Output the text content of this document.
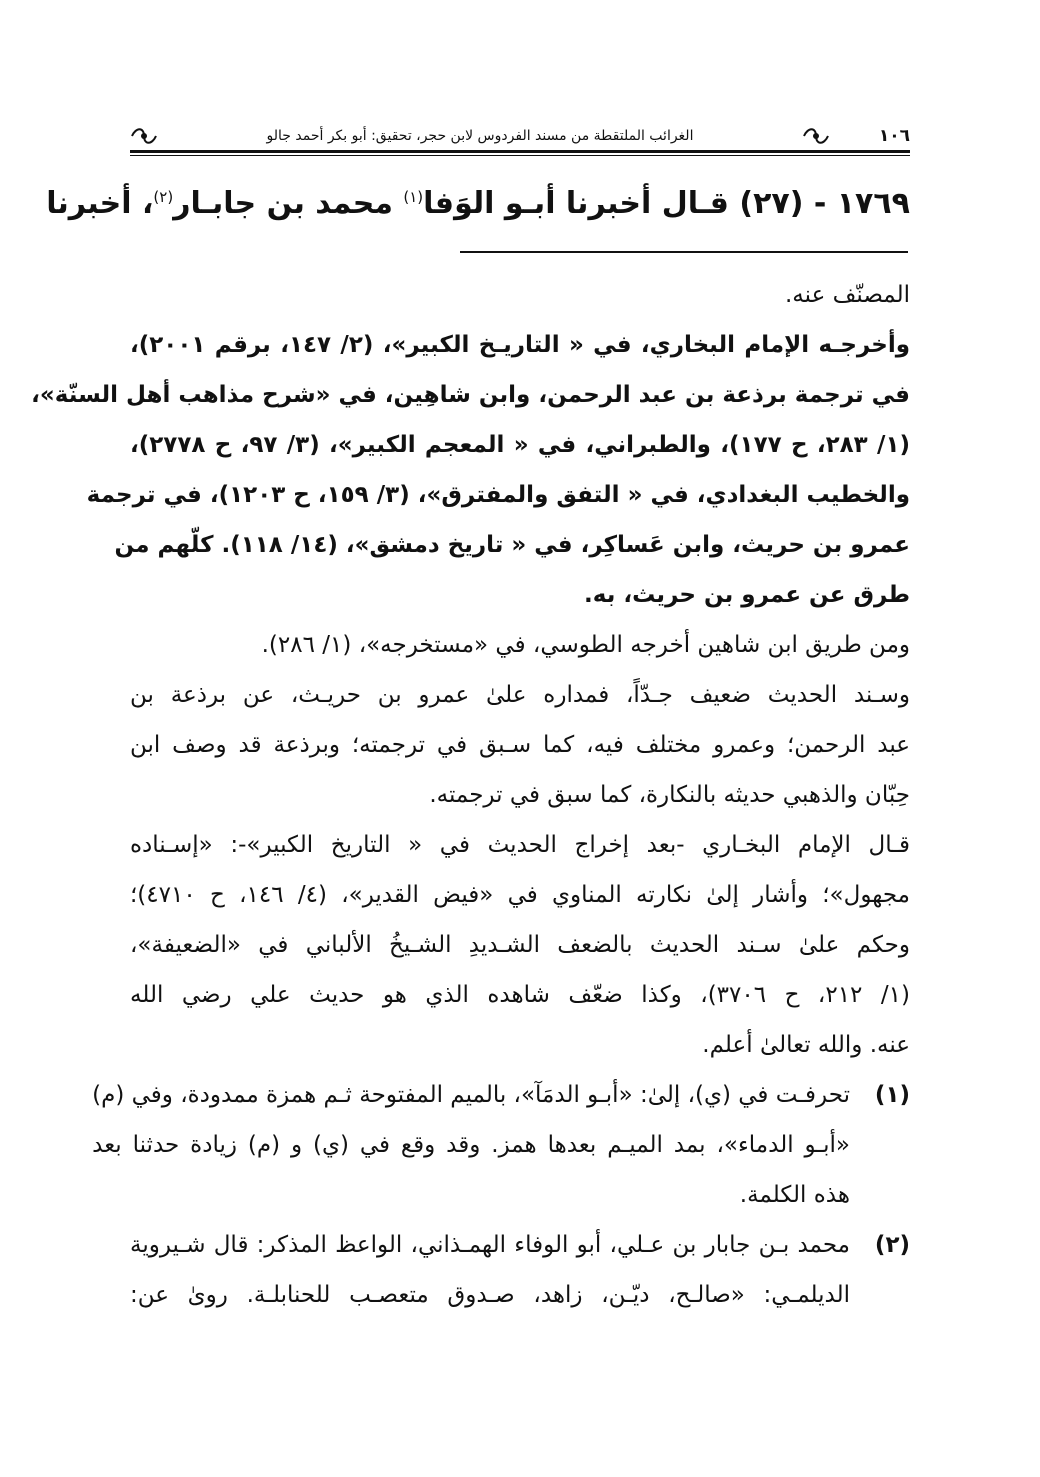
١٠٦
الغرائب الملتقطة من مسند الفردوس لابن حجر، تحقيق: أبو بكر أحمد جالو
١٧٦٩ - (٢٧) قـال أخبرنا أبـو الوَفا$^{(١)}$ محمد بن جابـار$^{(٢)}$، أخبرنا
المصنّف عنه.
وأخرجـه الإمام البخاري، في « التاريـخ الكبير»، (٢/ ١٤٧، برقم ٢٠٠١)،
في ترجمة برذعة بن عبد الرحمن، وابن شاهِين، في «شرح مذاهب أهل السنّة»،
(١/ ٢٨٣، ح ١٧٧)، والطبراني، في « المعجم الكبير»، (٣/ ٩٧، ح ٢٧٧٨)،
والخطيب البغدادي، في « التفق والمفترق»، (٣/ ١٥٩، ح ١٢٠٣)، في ترجمة
عمرو بن حريث، وابن عَساكِر، في « تاريخ دمشق»، (١٤/ ١١٨). كلّهم من
طرق عن عمرو بن حريث، به.
ومن طريق ابن شاهين أخرجه الطوسي، في «مستخرجه»، (١/ ٢٨٦).
وسـند الحديث ضعيف جـدّاً، فمداره علىٰ عمرو بن حريـث، عن برذعة بن
عبد الرحمن؛ وعمرو مختلف فيه، كما سـبق في ترجمته؛ وبرذعة قد وصف ابن
حِبّان والذهبي حديثه بالنكارة، كما سبق في ترجمته.
قـال الإمام البخـاري -بعد إخراج الحديث في « التاريخ الكبير»-: «إسـناده
مجهول»؛ وأشار إلىٰ نكارته المناوي في «فيض القدير»، (٤/ ١٤٦، ح ٤٧١٠)؛
وحكم علىٰ سـند الحديث بالضعف الشـديدِ الشـيخُ الألباني في «الضعيفة»،
(١/ ٢١٢، ح ٣٧٠٦)، وكذا ضعّف شاهده الذي هو حديث علي رضي الله
عنه. والله تعالىٰ أعلم.
(١)
تحرفـت في (ي)، إلىٰ: «أبـو الدمَآ»، بالميم المفتوحة ثـم همزة ممدودة، وفي (م)
«أبـو الدماء»، بمد الميـم بعدها همز. وقد وقع في (ي) و (م) زيادة حدثنا بعد
هذه الكلمة.
(٢)
محمد بـن جابار بن عـلي، أبو الوفاء الهمـذاني، الواعظ المذكر: قال شـيروية
الديلمـي: «صالـح، ديّـن، زاهد، صـدوق متعصـب للحنابلـة. روىٰ عن:
